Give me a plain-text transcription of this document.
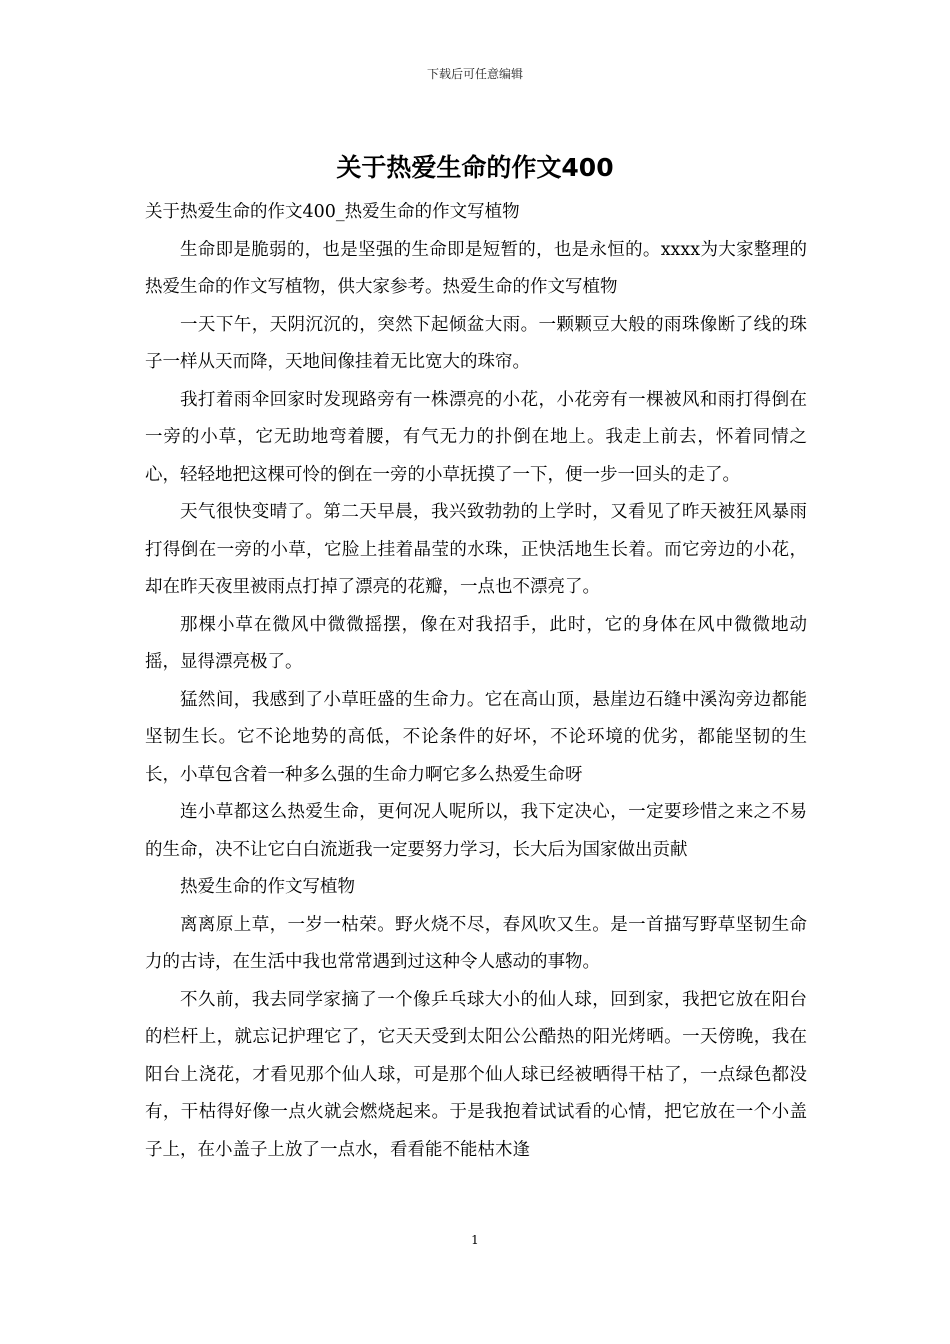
下载后可任意编辑
关于热爱生命的作文400

关于热爱生命的作文400_热爱生命的作文写植物

生命即是脆弱的，也是坚强的生命即是短暂的，也是永恒的。xxxx为大家整理的热爱生命的作文写植物，供大家参考。热爱生命的作文写植物

一天下午，天阴沉沉的，突然下起倾盆大雨。一颗颗豆大般的雨珠像断了线的珠子一样从天而降，天地间像挂着无比宽大的珠帘。

我打着雨伞回家时发现路旁有一株漂亮的小花，小花旁有一棵被风和雨打得倒在一旁的小草，它无助地弯着腰，有气无力的扑倒在地上。我走上前去，怀着同情之心，轻轻地把这棵可怜的倒在一旁的小草抚摸了一下，便一步一回头的走了。

天气很快变晴了。第二天早晨，我兴致勃勃的上学时，又看见了昨天被狂风暴雨打得倒在一旁的小草，它脸上挂着晶莹的水珠，正快活地生长着。而它旁边的小花，却在昨天夜里被雨点打掉了漂亮的花瓣，一点也不漂亮了。

那棵小草在微风中微微摇摆，像在对我招手，此时，它的身体在风中微微地动摇，显得漂亮极了。

猛然间，我感到了小草旺盛的生命力。它在高山顶，悬崖边石缝中溪沟旁边都能坚韧生长。它不论地势的高低，不论条件的好坏，不论环境的优劣，都能坚韧的生长，小草包含着一种多么强的生命力啊它多么热爱生命呀

连小草都这么热爱生命，更何况人呢所以，我下定决心，一定要珍惜之来之不易的生命，决不让它白白流逝我一定要努力学习，长大后为国家做出贡献

热爱生命的作文写植物

离离原上草，一岁一枯荣。野火烧不尽，春风吹又生。是一首描写野草坚韧生命力的古诗，在生活中我也常常遇到过这种令人感动的事物。

不久前，我去同学家摘了一个像乒乓球大小的仙人球，回到家，我把它放在阳台的栏杆上，就忘记护理它了，它天天受到太阳公公酷热的阳光烤晒。一天傍晚，我在阳台上浇花，才看见那个仙人球，可是那个仙人球已经被晒得干枯了，一点绿色都没有，干枯得好像一点火就会燃烧起来。于是我抱着试试看的心情，把它放在一个小盖子上，在小盖子上放了一点水，看看能不能枯木逢

1
